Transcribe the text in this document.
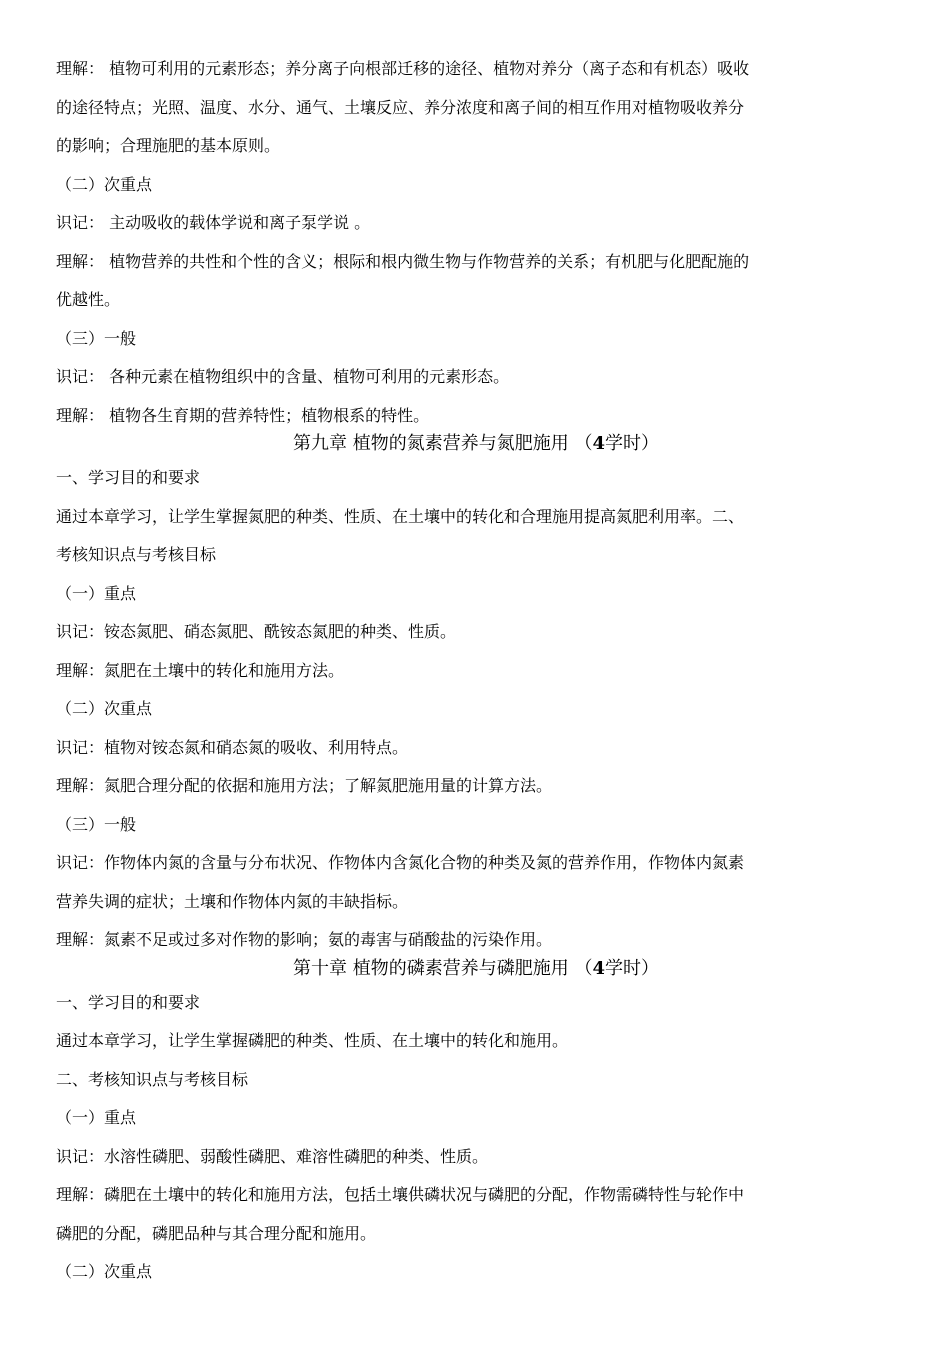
理解： 植物可利用的元素形态；养分离子向根部迁移的途径、植物对养分（离子态和有机态）吸收
的途径特点；光照、温度、水分、通气、土壤反应、养分浓度和离子间的相互作用对植物吸收养分
的影响；合理施肥的基本原则。
（二）次重点
识记： 主动吸收的载体学说和离子泵学说 。
理解： 植物营养的共性和个性的含义；根际和根内微生物与作物营养的关系；有机肥与化肥配施的
优越性。
（三）一般
识记： 各种元素在植物组织中的含量、植物可利用的元素形态。
理解： 植物各生育期的营养特性；植物根系的特性。
第九章 植物的氮素营养与氮肥施用 （4学时）
一、学习目的和要求
通过本章学习，让学生掌握氮肥的种类、性质、在土壤中的转化和合理施用提高氮肥利用率。二、
考核知识点与考核目标
（一）重点
识记：铵态氮肥、硝态氮肥、酰铵态氮肥的种类、性质。
理解：氮肥在土壤中的转化和施用方法。
（二）次重点
识记：植物对铵态氮和硝态氮的吸收、利用特点。
理解：氮肥合理分配的依据和施用方法；了解氮肥施用量的计算方法。
（三）一般
识记：作物体内氮的含量与分布状况、作物体内含氮化合物的种类及氮的营养作用，作物体内氮素
营养失调的症状；土壤和作物体内氮的丰缺指标。
理解：氮素不足或过多对作物的影响；氨的毒害与硝酸盐的污染作用。
第十章 植物的磷素营养与磷肥施用 （4学时）
一、学习目的和要求
通过本章学习，让学生掌握磷肥的种类、性质、在土壤中的转化和施用。
二、考核知识点与考核目标
（一）重点
识记：水溶性磷肥、弱酸性磷肥、难溶性磷肥的种类、性质。
理解：磷肥在土壤中的转化和施用方法，包括土壤供磷状况与磷肥的分配，作物需磷特性与轮作中
磷肥的分配，磷肥品种与其合理分配和施用。
（二）次重点
